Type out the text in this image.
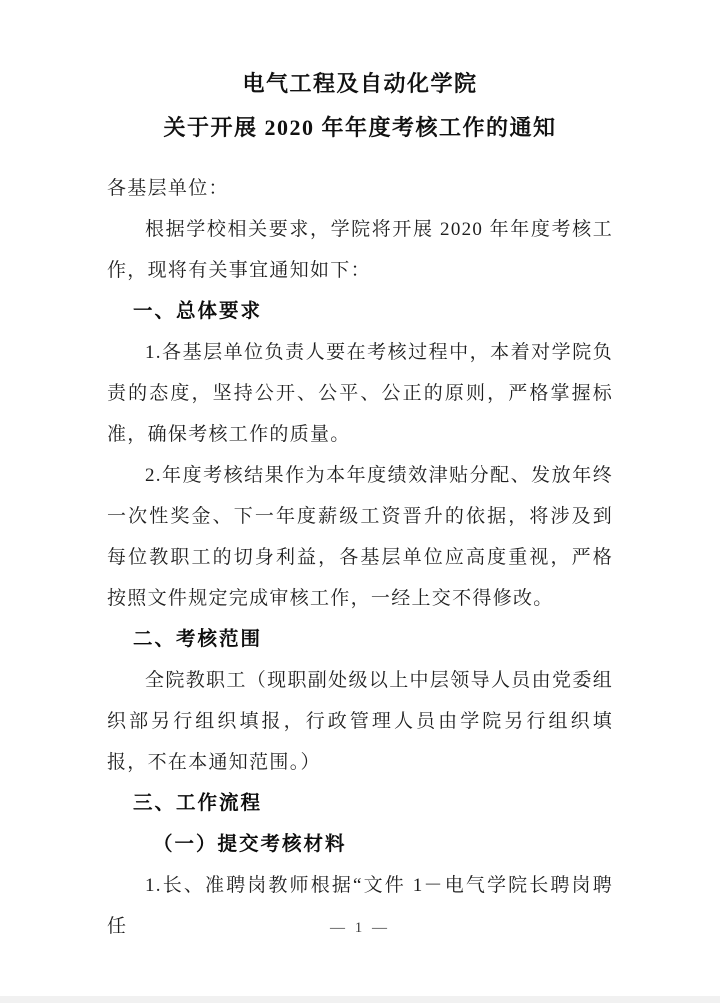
电气工程及自动化学院
关于开展 2020 年年度考核工作的通知

各基层单位：

根据学校相关要求，学院将开展 2020 年年度考核工作，现将有关事宜通知如下：

一、总体要求

1.各基层单位负责人要在考核过程中，本着对学院负责的态度，坚持公开、公平、公正的原则，严格掌握标准，确保考核工作的质量。

2.年度考核结果作为本年度绩效津贴分配、发放年终一次性奖金、下一年度薪级工资晋升的依据，将涉及到每位教职工的切身利益，各基层单位应高度重视，严格按照文件规定完成审核工作，一经上交不得修改。

二、考核范围

全院教职工（现职副处级以上中层领导人员由党委组织部另行组织填报，行政管理人员由学院另行组织填报，不在本通知范围。）

三、工作流程
（一）提交考核材料

1.长、准聘岗教师根据“文件 1－电气学院长聘岗聘任	— 1 —
